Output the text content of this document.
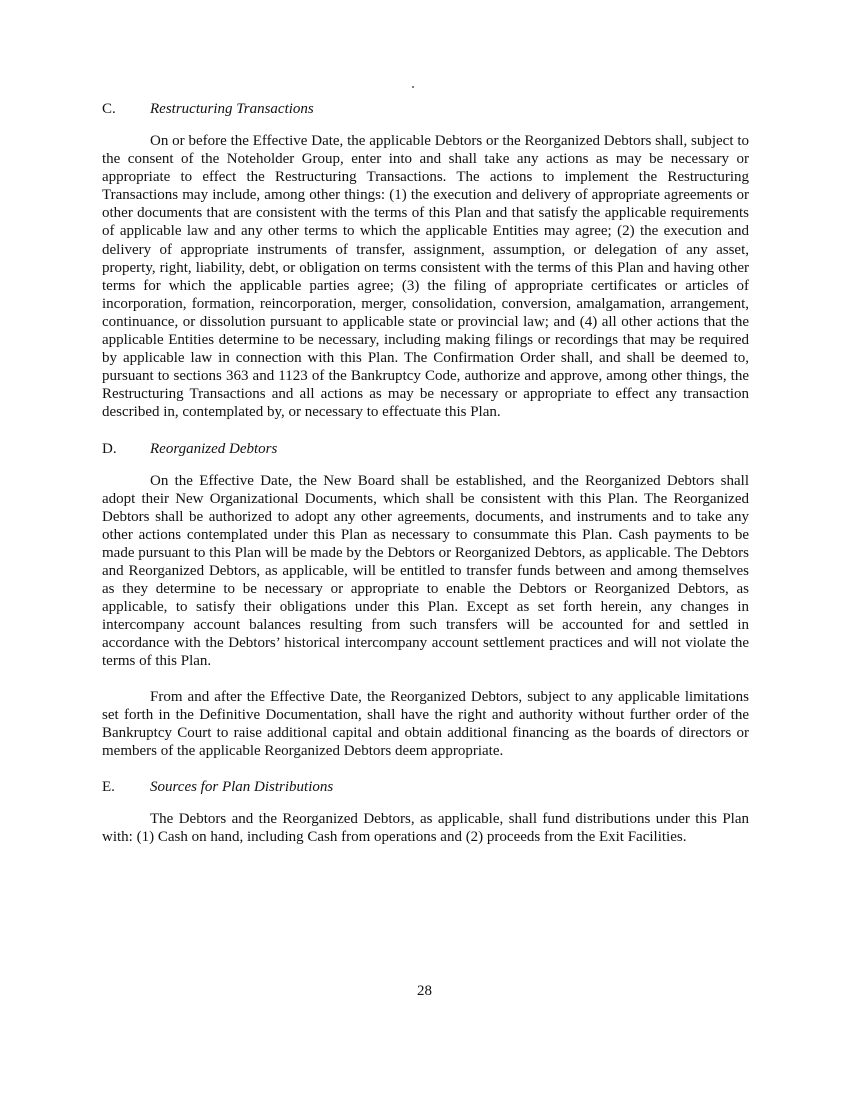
C.	Restructuring Transactions

On or before the Effective Date, the applicable Debtors or the Reorganized Debtors shall, subject to the consent of the Noteholder Group, enter into and shall take any actions as may be necessary or appropriate to effect the Restructuring Transactions. The actions to implement the Restructuring Transactions may include, among other things: (1) the execution and delivery of appropriate agreements or other documents that are consistent with the terms of this Plan and that satisfy the applicable requirements of applicable law and any other terms to which the applicable Entities may agree; (2) the execution and delivery of appropriate instruments of transfer, assignment, assumption, or delegation of any asset, property, right, liability, debt, or obligation on terms consistent with the terms of this Plan and having other terms for which the applicable parties agree; (3) the filing of appropriate certificates or articles of incorporation, formation, reincorporation, merger, consolidation, conversion, amalgamation, arrangement, continuance, or dissolution pursuant to applicable state or provincial law; and (4) all other actions that the applicable Entities determine to be necessary, including making filings or recordings that may be required by applicable law in connection with this Plan. The Confirmation Order shall, and shall be deemed to, pursuant to sections 363 and 1123 of the Bankruptcy Code, authorize and approve, among other things, the Restructuring Transactions and all actions as may be necessary or appropriate to effect any transaction described in, contemplated by, or necessary to effectuate this Plan.

D.	Reorganized Debtors

On the Effective Date, the New Board shall be established, and the Reorganized Debtors shall adopt their New Organizational Documents, which shall be consistent with this Plan. The Reorganized Debtors shall be authorized to adopt any other agreements, documents, and instruments and to take any other actions contemplated under this Plan as necessary to consummate this Plan. Cash payments to be made pursuant to this Plan will be made by the Debtors or Reorganized Debtors, as applicable. The Debtors and Reorganized Debtors, as applicable, will be entitled to transfer funds between and among themselves as they determine to be necessary or appropriate to enable the Debtors or Reorganized Debtors, as applicable, to satisfy their obligations under this Plan. Except as set forth herein, any changes in intercompany account balances resulting from such transfers will be accounted for and settled in accordance with the Debtors’ historical intercompany account settlement practices and will not violate the terms of this Plan.

From and after the Effective Date, the Reorganized Debtors, subject to any applicable limitations set forth in the Definitive Documentation, shall have the right and authority without further order of the Bankruptcy Court to raise additional capital and obtain additional financing as the boards of directors or members of the applicable Reorganized Debtors deem appropriate.

E.	Sources for Plan Distributions

The Debtors and the Reorganized Debtors, as applicable, shall fund distributions under this Plan with: (1) Cash on hand, including Cash from operations and (2) proceeds from the Exit Facilities.

28
